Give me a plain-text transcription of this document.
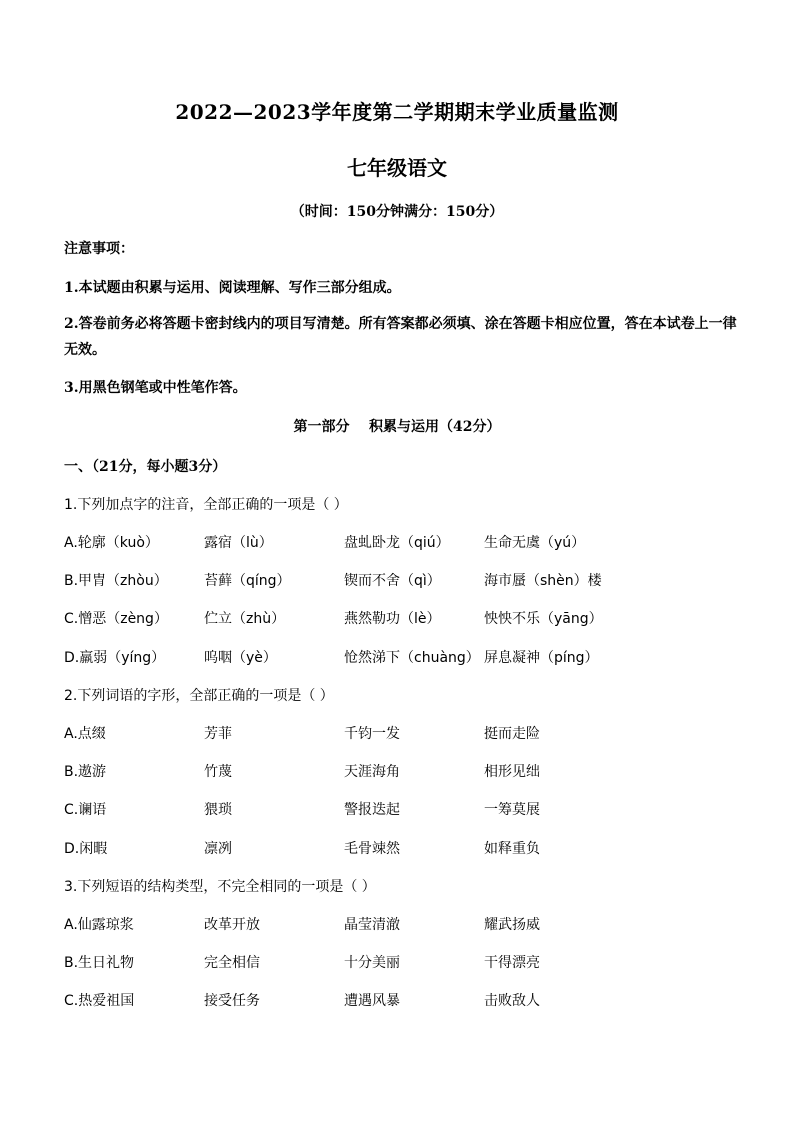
2022—2023学年度第二学期期末学业质量监测
七年级语文
（时间：150分钟满分：150分）
注意事项：
1.本试题由积累与运用、阅读理解、写作三部分组成。
2.答卷前务必将答题卡密封线内的项目写清楚。所有答案都必须填、涂在答题卡相应位置，答在本试卷上一律无效。
3.用黑色钢笔或中性笔作答。
第一部分    积累与运用（42分）
一、（21分，每小题3分）
1.下列加点字的注音，全部正确的一项是（ ）
A.轮廓（kuò）	露宿（lù）	盘虬卧龙（qiú） 生命无虞（yú）
B.甲胄（zhòu）	苔藓（qíng）	锲而不舍（qì）	海市蜃（shèn）楼
C.憎恶（zèng）	伫立（zhù）	燕然勒功（lè）	怏怏不乐（yāng）
D.羸弱（yíng）	呜咽（yè）	怆然涕下（chuàng） 屏息凝神（píng）
2.下列词语的字形，全部正确的一项是（ ）
A.点缀	芳菲	千钧一发	挺而走险
B.遨游	竹蔑	天涯海角	相形见绌
C.谰语	猥琐	警报迭起	一筹莫展
D.闲暇	凛冽	毛骨竦然	如释重负
3.下列短语的结构类型，不完全相同的一项是（ ）
A.仙露琼浆	改革开放	晶莹清澈	耀武扬威
B.生日礼物	完全相信	十分美丽	干得漂亮
C.热爱祖国	接受任务	遭遇风暴	击败敌人
